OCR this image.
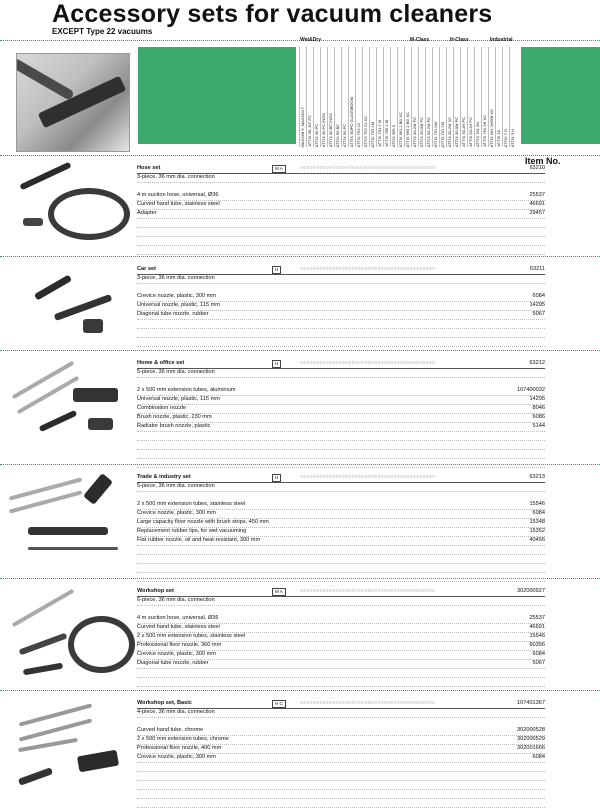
Accessory sets for vacuum cleaners
EXCEPT Type 22 vacuums
Wet&Dry	M-Class	H-Class	Industrial
MAXXIM 5, MAXXIM 7 ATTIX 30, 30° PC ATTIX 30 PC ATTIX 40 PC INOX ATTIX 40 BC INOX ATTIX 50 BC ATTIX 50 PC ATTIX 30/PC GLASSBOOM ATTIX 753 22 ATTIX 752 21 XC ATTIX 753 2M ATTIX 761 2 M ATTIX 765 2 M ATTIX 965 0 ATTIX 961 2 BD XC ATTIX 965 2 BD XC ATTIX 30-2M PC ATTIX 30-0M PC ATTIX 50-2M PC ATTIX 751 0M ATTIX 751 2M ATTIX 30-2M XC ATTIX 30-0M PC ATTIX 30-2H PC ATTIX 50-2H PC ATTIX 761 2H ATTIX 761 2H XC ATTIX 961 2H/0M XC ATTIX 16 ATTIX 7 H ATTIX 3 H
Item No.
Hose set	63210
M A	○○○○○○○○○○○○○○○○○○○○○○○○○○○○○○○○○○○○○○○○○○
3-piece, 36 mm dia. connection
4 m suction hose, universal, Ø36	25537
Curved hand tube, stainless steel	46691
Adapter	29457
Car set	63211
H	○○○○○○○○○○○○○○○○○○○○○○○○○○○○○○○○○○○○○○○○○○
3-piece, 36 mm dia. connection
Crevice nozzle, plastic, 300 mm	6084
Universal nozzle, plastic, 115 mm	14295
Diagonal tube nozzle, rubber	5067
Home & office set	63212
H	○○○○○○○○○○○○○○○○○○○○○○○○○○○○○○○○○○○○○○○○○○
5-piece, 36 mm dia. connection
2 x 500 mm extension tubes, aluminium	107400032
Universal nozzle, plastic, 115 mm	14295
Combination nozzle	8046
Brush nozzle, plastic, 230 mm	6086
Radiator brush nozzle, plastic	5144
Trade & industry set	63213
H	○○○○○○○○○○○○○○○○○○○○○○○○○○○○○○○○○○○○○○○○○○
5-piece, 36 mm dia. connection
2 x 500 mm extension tubes, stainless steel	15546
Crevice nozzle, plastic, 300 mm	6084
Large capacity floor nozzle with brush strips, 450 mm	15348
Replacement rubber lips, for wet vacuuming	15352
Flat rubber nozzle, oil and heat-resistant, 300 mm	40456
Workshop set	302000927
M A	○○○○○○○○○○○○○○○○○○○○○○○○○○○○○○○○○○○○○○○○○○
6-piece, 36 mm dia. connection
4 m suction hose, universal, Ø36	25537
Curved hand tube, stainless steel	46691
2 x 500 mm extension tubes, stainless steel	15546
Professional floor nozzle, 360 mm	60356
Crevice nozzle, plastic, 300 mm	6084
Diagonal tube nozzle, rubber	5067
Workshop set, Basic	107401367
H C	○○○○○○○○○○○○○○○○○○○○○○○○○○○○○○○○○○○○○○○○○○
4-piece, 36 mm dia. connection
Curved hand tube, chrome	302000528
2 x 500 mm extension tubes, chrome	302000529
Professional floor nozzle, 400 mm	302001666
Crevice nozzle, plastic, 300 mm	6084
